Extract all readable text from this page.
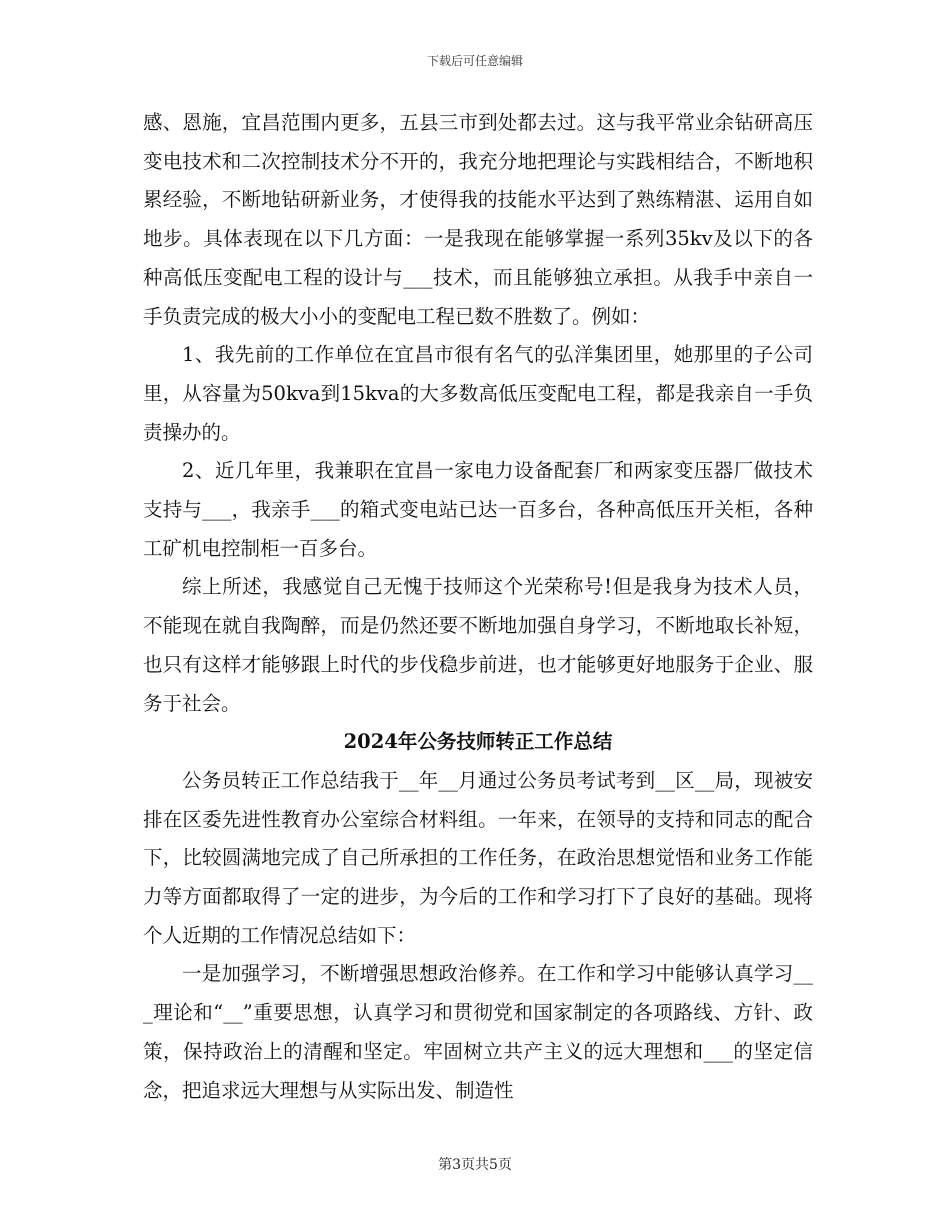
下载后可任意编辑

感、恩施，宜昌范围内更多，五县三市到处都去过。这与我平常业余钻研高压变电技术和二次控制技术分不开的，我充分地把理论与实践相结合，不断地积累经验，不断地钻研新业务，才使得我的技能水平达到了熟练精湛、运用自如地步。具体表现在以下几方面：一是我现在能够掌握一系列35kv及以下的各种高低压变配电工程的设计与___技术，而且能够独立承担。从我手中亲自一手负责完成的极大小小的变配电工程已数不胜数了。例如：

1、我先前的工作单位在宜昌市很有名气的弘洋集团里，她那里的子公司里，从容量为50kva到15kva的大多数高低压变配电工程，都是我亲自一手负责操办的。

2、近几年里，我兼职在宜昌一家电力设备配套厂和两家变压器厂做技术支持与___，我亲手___的箱式变电站已达一百多台，各种高低压开关柜，各种工矿机电控制柜一百多台。

综上所述，我感觉自己无愧于技师这个光荣称号!但是我身为技术人员，不能现在就自我陶醉，而是仍然还要不断地加强自身学习，不断地取长补短，也只有这样才能够跟上时代的步伐稳步前进，也才能够更好地服务于企业、服务于社会。

2024年公务技师转正工作总结

公务员转正工作总结我于__年__月通过公务员考试考到__区__局，现被安排在区委先进性教育办公室综合材料组。一年来，在领导的支持和同志的配合下，比较圆满地完成了自己所承担的工作任务，在政治思想觉悟和业务工作能力等方面都取得了一定的进步，为今后的工作和学习打下了良好的基础。现将个人近期的工作情况总结如下：

一是加强学习，不断增强思想政治修养。在工作和学习中能够认真学习___理论和“__”重要思想，认真学习和贯彻党和国家制定的各项路线、方针、政策，保持政治上的清醒和坚定。牢固树立共产主义的远大理想和___的坚定信念，把追求远大理想与从实际出发、制造性

第3页共5页
